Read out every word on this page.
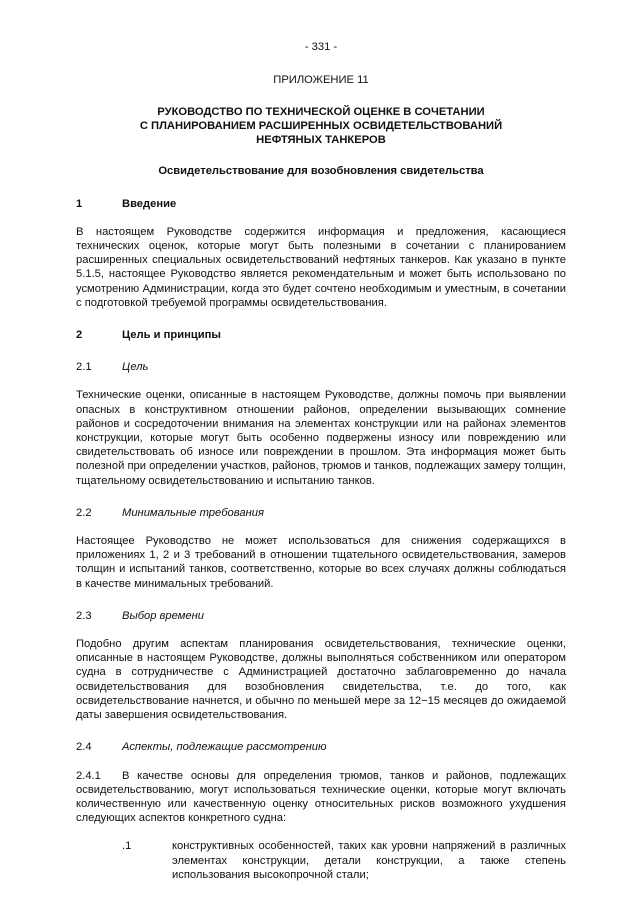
- 331 -
ПРИЛОЖЕНИЕ 11
РУКОВОДСТВО ПО ТЕХНИЧЕСКОЙ ОЦЕНКЕ В СОЧЕТАНИИ
С ПЛАНИРОВАНИЕМ РАСШИРЕННЫХ ОСВИДЕТЕЛЬСТВОВАНИЙ
НЕФТЯНЫХ ТАНКЕРОВ
Освидетельствование для возобновления свидетельства
1	Введение

В настоящем Руководстве содержится информация и предложения, касающиеся технических оценок, которые могут быть полезными в сочетании с планированием расширенных специальных освидетельствований нефтяных танкеров. Как указано в пункте 5.1.5, настоящее Руководство является рекомендательным и может быть использовано по усмотрению Администрации, когда это будет сочтено необходимым и уместным, в сочетании с подготовкой требуемой программы освидетельствования.

2	Цель и принципы
2.1	Цель

Технические оценки, описанные в настоящем Руководстве, должны помочь при выявлении опасных в конструктивном отношении районов, определении вызывающих сомнение районов и сосредоточении внимания на элементах конструкции или на районах элементов конструкции, которые могут быть особенно подвержены износу или повреждению или свидетельствовать об износе или повреждении в прошлом. Эта информация может быть полезной при определении участков, районов, трюмов и танков, подлежащих замеру толщин, тщательному освидетельствованию и испытанию танков.

2.2	Минимальные требования

Настоящее Руководство не может использоваться для снижения содержащихся в приложениях 1, 2 и 3 требований в отношении тщательного освидетельствования, замеров толщин и испытаний танков, соответственно, которые во всех случаях должны соблюдаться в качестве минимальных требований.

2.3	Выбор времени

Подобно другим аспектам планирования освидетельствования, технические оценки, описанные в настоящем Руководстве, должны выполняться собственником или оператором судна в сотрудничестве с Администрацией достаточно заблаговременно до начала освидетельствования для возобновления свидетельства, т.е. до того, как освидетельствование начнется, и обычно по меньшей мере за 12−15 месяцев до ожидаемой даты завершения освидетельствования.

2.4	Аспекты, подлежащие рассмотрению

2.4.1 В качестве основы для определения трюмов, танков и районов, подлежащих освидетельствованию, могут использоваться технические оценки, которые могут включать количественную или качественную оценку относительных рисков возможного ухудшения следующих аспектов конкретного судна:

.1	конструктивных особенностей, таких как уровни напряжений в различных элементах конструкции, детали конструкции, а также степень использования высокопрочной стали;
